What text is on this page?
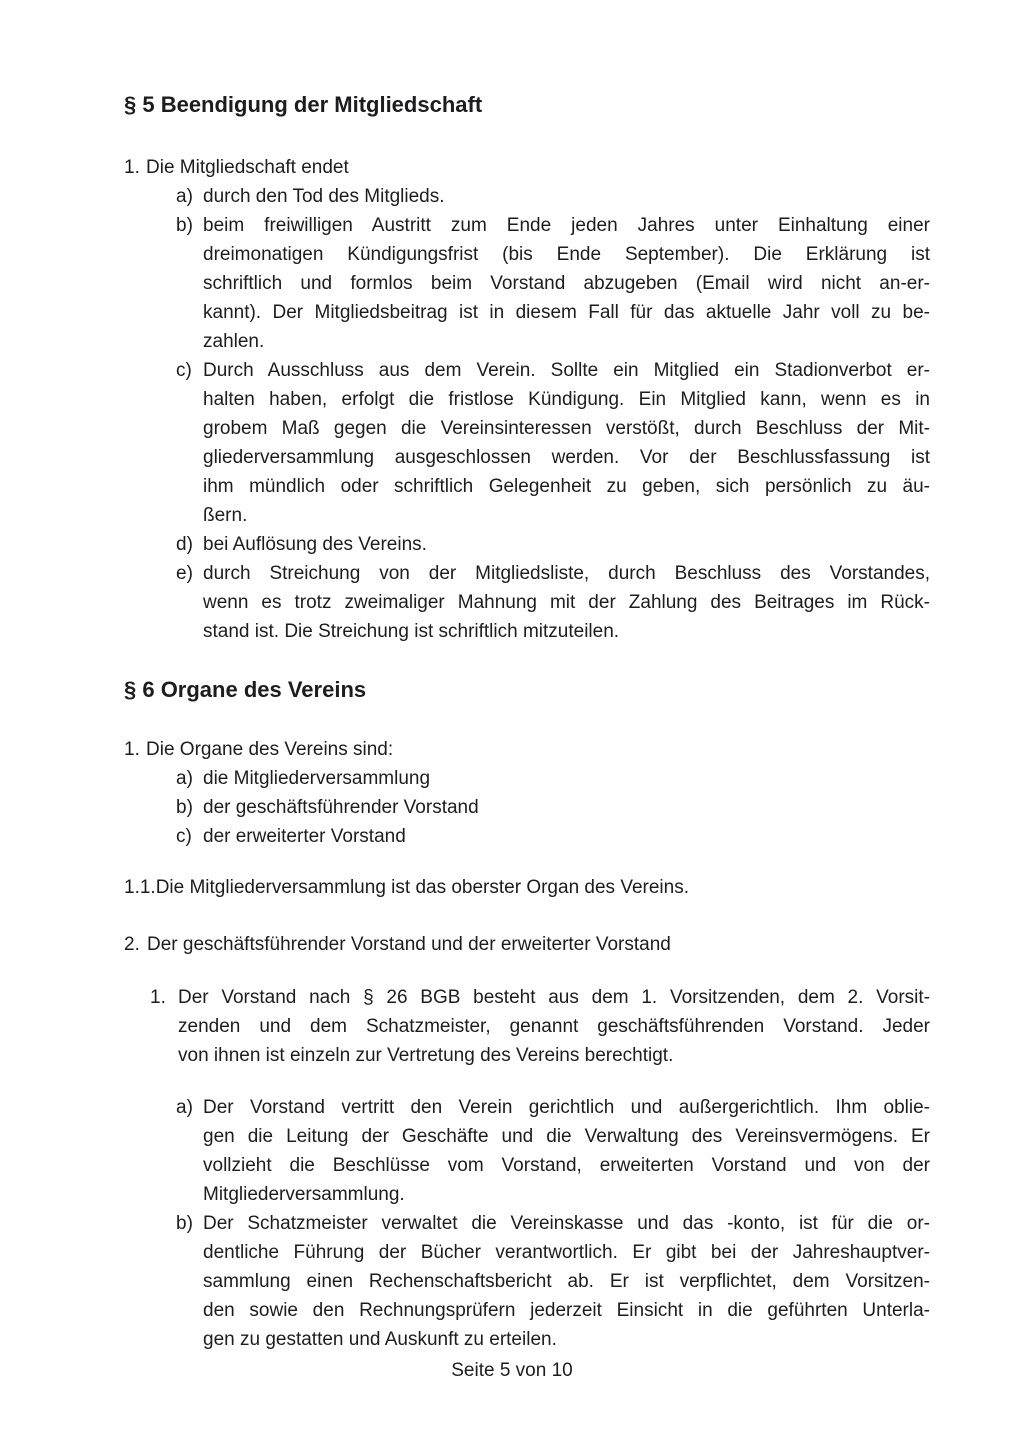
§ 5 Beendigung der Mitgliedschaft
1. Die Mitgliedschaft endet
a) durch den Tod des Mitglieds.
b) beim freiwilligen Austritt zum Ende jeden Jahres unter Einhaltung einer
dreimonatigen Kündigungsfrist (bis Ende September). Die Erklärung ist
schriftlich und formlos beim Vorstand abzugeben (Email wird nicht an-er-
kannt). Der Mitgliedsbeitrag ist in diesem Fall für das aktuelle Jahr voll zu be-
zahlen.
c) Durch Ausschluss aus dem Verein. Sollte ein Mitglied ein Stadionverbot er-
halten haben, erfolgt die fristlose Kündigung. Ein Mitglied kann, wenn es in
grobem Maß gegen die Vereinsinteressen verstößt, durch Beschluss der Mit-
gliederversammlung ausgeschlossen werden. Vor der Beschlussfassung ist
ihm mündlich oder schriftlich Gelegenheit zu geben, sich persönlich zu äu-
ßern.
d) bei Auflösung des Vereins.
e) durch Streichung von der Mitgliedsliste, durch Beschluss des Vorstandes,
wenn es trotz zweimaliger Mahnung mit der Zahlung des Beitrages im Rück-
stand ist. Die Streichung ist schriftlich mitzuteilen.
§ 6 Organe des Vereins
1. Die Organe des Vereins sind:
a) die Mitgliederversammlung
b) der geschäftsführender Vorstand
c) der erweiterter Vorstand
1.1.Die Mitgliederversammlung ist das oberster Organ des Vereins.
2. Der geschäftsführender Vorstand und der erweiterter Vorstand
1. Der Vorstand nach § 26 BGB besteht aus dem 1. Vorsitzenden, dem 2. Vorsit-
zenden und dem Schatzmeister, genannt geschäftsführenden Vorstand. Jeder
von ihnen ist einzeln zur Vertretung des Vereins berechtigt.
a) Der Vorstand vertritt den Verein gerichtlich und außergerichtlich. Ihm oblie-
gen die Leitung der Geschäfte und die Verwaltung des Vereinsvermögens. Er
vollzieht die Beschlüsse vom Vorstand, erweiterten Vorstand und von der
Mitgliederversammlung.
b) Der Schatzmeister verwaltet die Vereinskasse und das -konto, ist für die or-
dentliche Führung der Bücher verantwortlich. Er gibt bei der Jahreshauptver-
sammlung einen Rechenschaftsbericht ab. Er ist verpflichtet, dem Vorsitzen-
den sowie den Rechnungsprüfern jederzeit Einsicht in die geführten Unterla-
gen zu gestatten und Auskunft zu erteilen.
Seite 5 von 10
